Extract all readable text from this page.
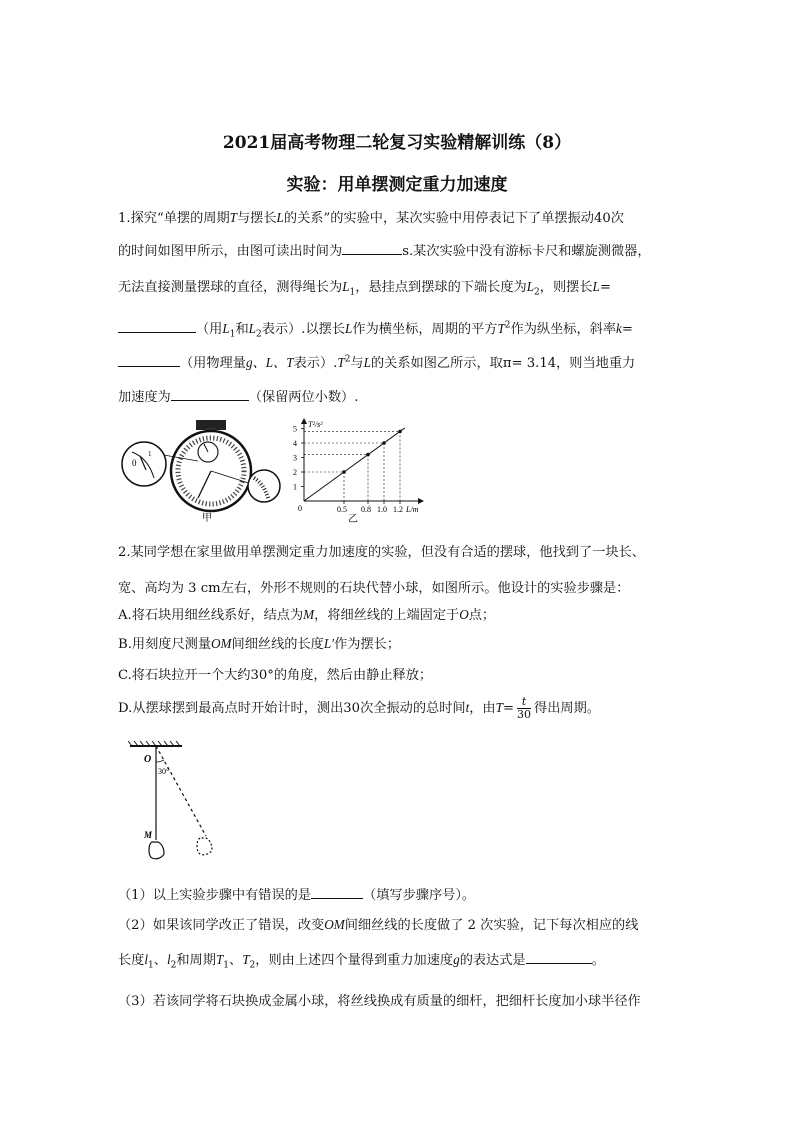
2021届高考物理二轮复习实验精解训练（8）
实验：用单摆测定重力加速度
1.探究“单摆的周期T与摆长L的关系”的实验中，某次实验中用停表记下了单摆振动40次
的时间如图甲所示，由图可读出时间为	s.某次实验中没有游标卡尺和螺旋测微器，
无法直接测量摆球的直径，测得绳长为$L_1$，悬挂点到摆球的下端长度为$L_2$，则摆长L=
（用$L_1$和$L_2$表示）.以摆长L作为横坐标，周期的平方$T^2$作为纵坐标，斜率k=
（用物理量g、L、T表示）$.T^2$与L的关系如图乙所示，取π= 3.14，则当地重力
加速度为	（保留两位小数）.
0
1
甲
T²/s²
L/m
0
1
2
3
4
5
0.5 0.8 1.0 1.2
乙
2.某同学想在家里做用单摆测定重力加速度的实验，但没有合适的摆球，他找到了一块长、
宽、高均为 3 cm左右，外形不规则的石块代替小球，如图所示。他设计的实验步骤是：
A.将石块用细丝线系好，结点为M，将细丝线的上端固定于O点；
B.用刻度尺测量OM间细丝线的长度L′作为摆长；
C.将石块拉开一个大约30°的角度，然后由静止释放；
D.从摆球摆到最高点时开始计时，测出30次全振动的总时间t，由$T= \frac{t}{30}$ 得出周期。
O
30°
M
（1）以上实验步骤中有错误的是	（填写步骤序号）。
（2）如果该同学改正了错误，改变OM间细丝线的长度做了 2 次实验，记下每次相应的线
长度$l_1$、$l_2$和周期$T_1$、$T_2$，则由上述四个量得到重力加速度g的表达式是	。
（3）若该同学将石块换成金属小球，将丝线换成有质量的细杆，把细杆长度加小球半径作
